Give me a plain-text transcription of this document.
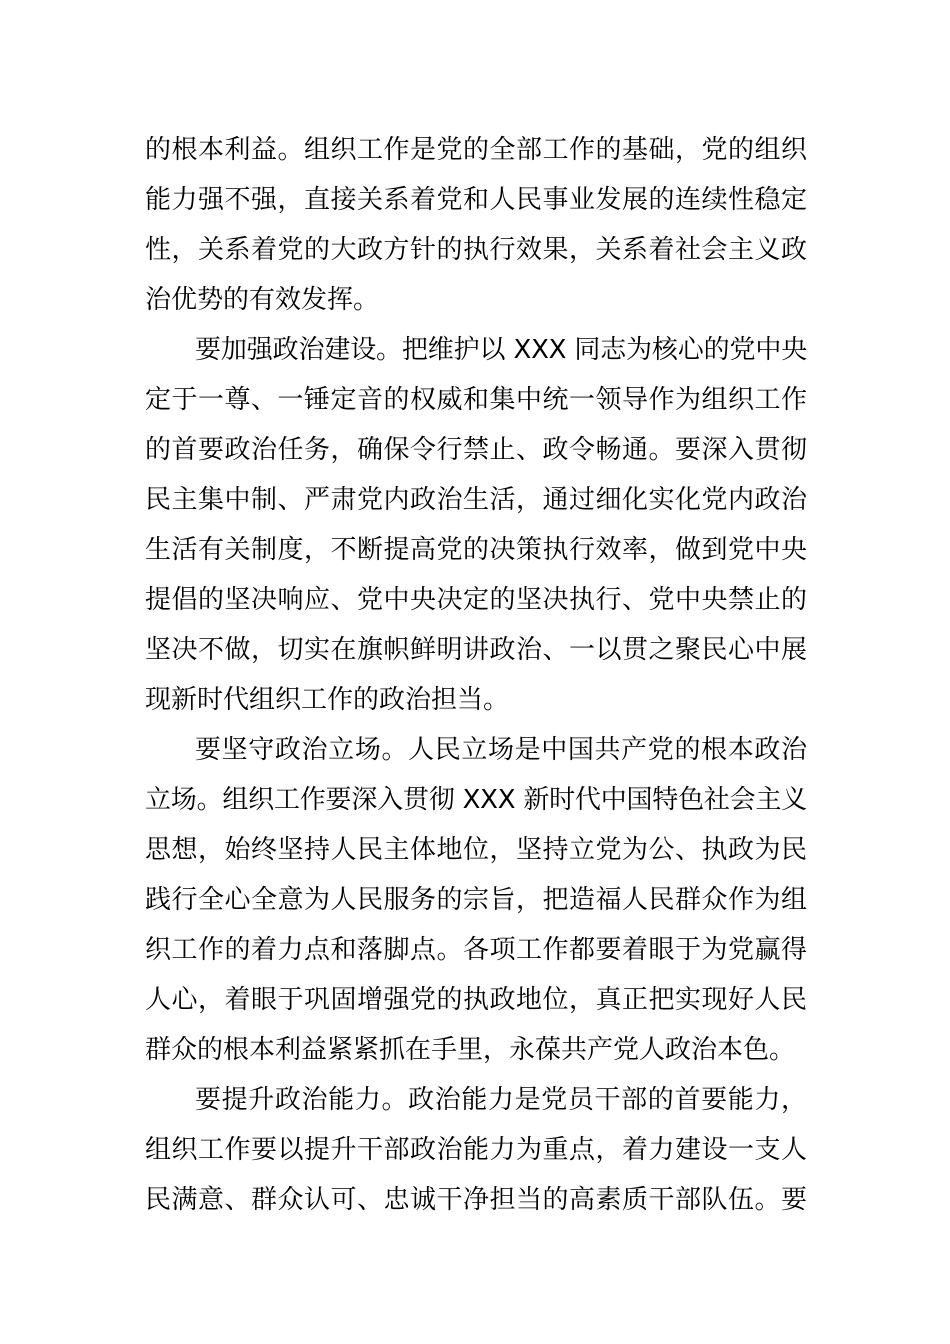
的根本利益。组织工作是党的全部工作的基础，党的组织
能力强不强，直接关系着党和人民事业发展的连续性稳定
性，关系着党的大政方针的执行效果，关系着社会主义政
治优势的有效发挥。
要加强政治建设。把维护以 XXX 同志为核心的党中央
定于一尊、一锤定音的权威和集中统一领导作为组织工作
的首要政治任务，确保令行禁止、政令畅通。要深入贯彻
民主集中制、严肃党内政治生活，通过细化实化党内政治
生活有关制度，不断提高党的决策执行效率，做到党中央
提倡的坚决响应、党中央决定的坚决执行、党中央禁止的
坚决不做，切实在旗帜鲜明讲政治、一以贯之聚民心中展
现新时代组织工作的政治担当。
要坚守政治立场。人民立场是中国共产党的根本政治
立场。组织工作要深入贯彻 XXX 新时代中国特色社会主义
思想，始终坚持人民主体地位，坚持立党为公、执政为民
践行全心全意为人民服务的宗旨，把造福人民群众作为组
织工作的着力点和落脚点。各项工作都要着眼于为党赢得
人心，着眼于巩固增强党的执政地位，真正把实现好人民
群众的根本利益紧紧抓在手里，永葆共产党人政治本色。
要提升政治能力。政治能力是党员干部的首要能力，
组织工作要以提升干部政治能力为重点，着力建设一支人
民满意、群众认可、忠诚干净担当的高素质干部队伍。要
